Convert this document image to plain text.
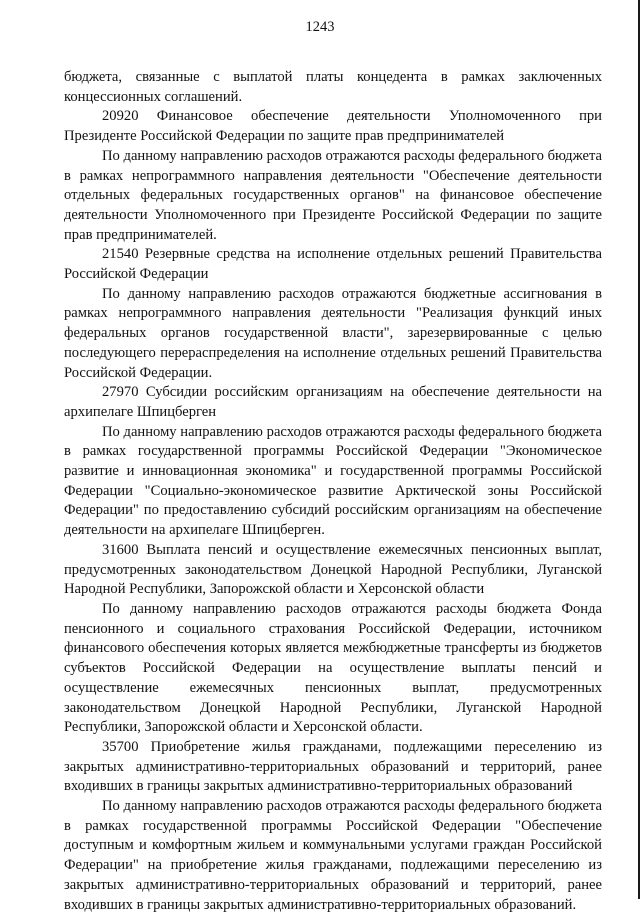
1243

бюджета, связанные с выплатой платы концедента в рамках заключенных концессионных соглашений.

20920 Финансовое обеспечение деятельности Уполномоченного при Президенте Российской Федерации по защите прав предпринимателей

По данному направлению расходов отражаются расходы федерального бюджета в рамках непрограммного направления деятельности "Обеспечение деятельности отдельных федеральных государственных органов" на финансовое обеспечение деятельности Уполномоченного при Президенте Российской Федерации по защите прав предпринимателей.

21540 Резервные средства на исполнение отдельных решений Правительства Российской Федерации

По данному направлению расходов отражаются бюджетные ассигнования в рамках непрограммного направления деятельности "Реализация функций иных федеральных органов государственной власти", зарезервированные с целью последующего перераспределения на исполнение отдельных решений Правительства Российской Федерации.

27970 Субсидии российским организациям на обеспечение деятельности на архипелаге Шпицберген

По данному направлению расходов отражаются расходы федерального бюджета в рамках государственной программы Российской Федерации "Экономическое развитие и инновационная экономика" и государственной программы Российской Федерации "Социально-экономическое развитие Арктической зоны Российской Федерации" по предоставлению субсидий российским организациям на обеспечение деятельности на архипелаге Шпицберген.

31600 Выплата пенсий и осуществление ежемесячных пенсионных выплат, предусмотренных законодательством Донецкой Народной Республики, Луганской Народной Республики, Запорожской области и Херсонской области

По данному направлению расходов отражаются расходы бюджета Фонда пенсионного и социального страхования Российской Федерации, источником финансового обеспечения которых является межбюджетные трансферты из бюджетов субъектов Российской Федерации на осуществление выплаты пенсий и осуществление ежемесячных пенсионных выплат, предусмотренных законодательством Донецкой Народной Республики, Луганской Народной Республики, Запорожской области и Херсонской области.

35700 Приобретение жилья гражданами, подлежащими переселению из закрытых административно-территориальных образований и территорий, ранее входивших в границы закрытых административно-территориальных образований

По данному направлению расходов отражаются расходы федерального бюджета в рамках государственной программы Российской Федерации "Обеспечение доступным и комфортным жильем и коммунальными услугами граждан Российской Федерации" на приобретение жилья гражданами, подлежащими переселению из закрытых административно-территориальных образований и территорий, ранее входивших в границы закрытых административно-территориальных образований.
